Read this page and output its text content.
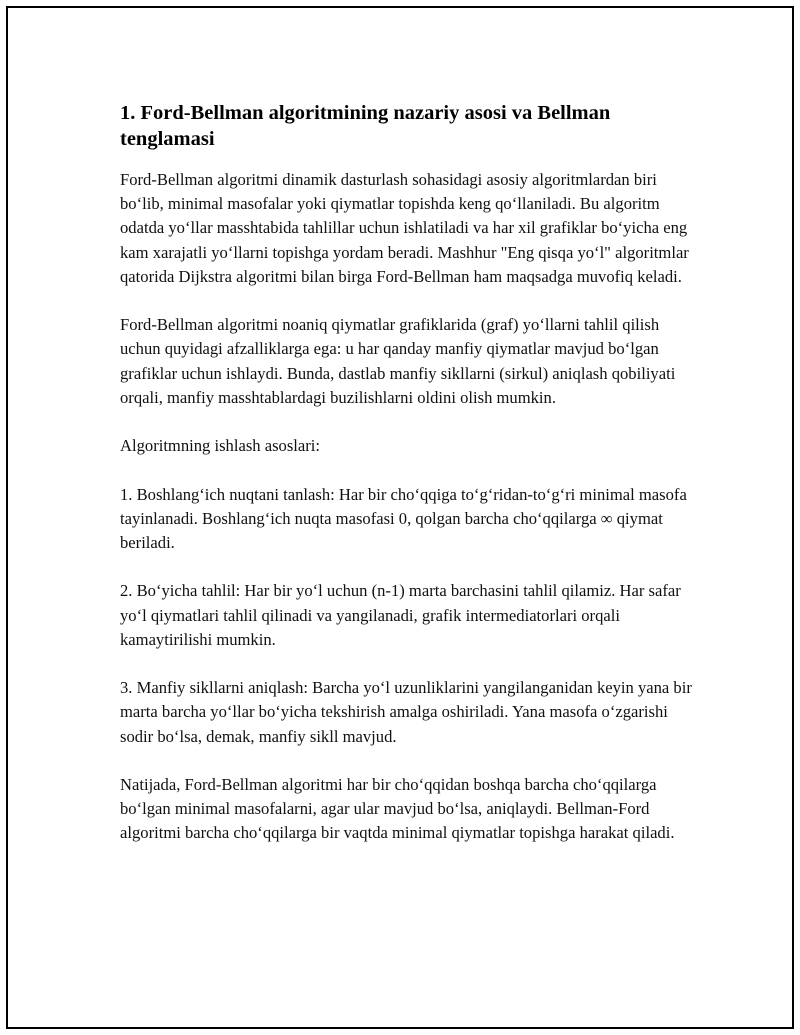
1. Ford-Bellman algoritmining nazariy asosi va Bellman tenglamasi

Ford-Bellman algoritmi dinamik dasturlash sohasidagi asosiy algoritmlardan biri bo‘lib, minimal masofalar yoki qiymatlar topishda keng qo‘llaniladi. Bu algoritm odatda yo‘llar masshtabida tahlillar uchun ishlatiladi va har xil grafiklar bo‘yicha eng kam xarajatli yo‘llarni topishga yordam beradi. Mashhur "Eng qisqa yo‘l" algoritmlar qatorida Dijkstra algoritmi bilan birga Ford-Bellman ham maqsadga muvofiq keladi.

Ford-Bellman algoritmi noaniq qiymatlar grafiklarida (graf) yo‘llarni tahlil qilish uchun quyidagi afzalliklarga ega: u har qanday manfiy qiymatlar mavjud bo‘lgan grafiklar uchun ishlaydi. Bunda, dastlab manfiy sikllarni (sirkul) aniqlash qobiliyati orqali, manfiy masshtablardagi buzilishlarni oldini olish mumkin.

Algoritmning ishlash asoslari:

1. Boshlang‘ich nuqtani tanlash: Har bir cho‘qqiga to‘g‘ridan-to‘g‘ri minimal masofa tayinlanadi. Boshlang‘ich nuqta masofasi 0, qolgan barcha cho‘qqilarga ∞ qiymat beriladi.

2. Bo‘yicha tahlil: Har bir yo‘l uchun (n-1) marta barchasini tahlil qilamiz. Har safar yo‘l qiymatlari tahlil qilinadi va yangilanadi, grafik intermediatorlari orqali kamaytirilishi mumkin.

3. Manfiy sikllarni aniqlash: Barcha yo‘l uzunliklarini yangilanganidan keyin yana bir marta barcha yo‘llar bo‘yicha tekshirish amalga oshiriladi. Yana masofa o‘zgarishi sodir bo‘lsa, demak, manfiy sikll mavjud.

Natijada, Ford-Bellman algoritmi har bir cho‘qqidan boshqa barcha cho‘qqilarga bo‘lgan minimal masofalarni, agar ular mavjud bo‘lsa, aniqlaydi. Bellman-Ford algoritmi barcha cho‘qqilarga bir vaqtda minimal qiymatlar topishga harakat qiladi.
